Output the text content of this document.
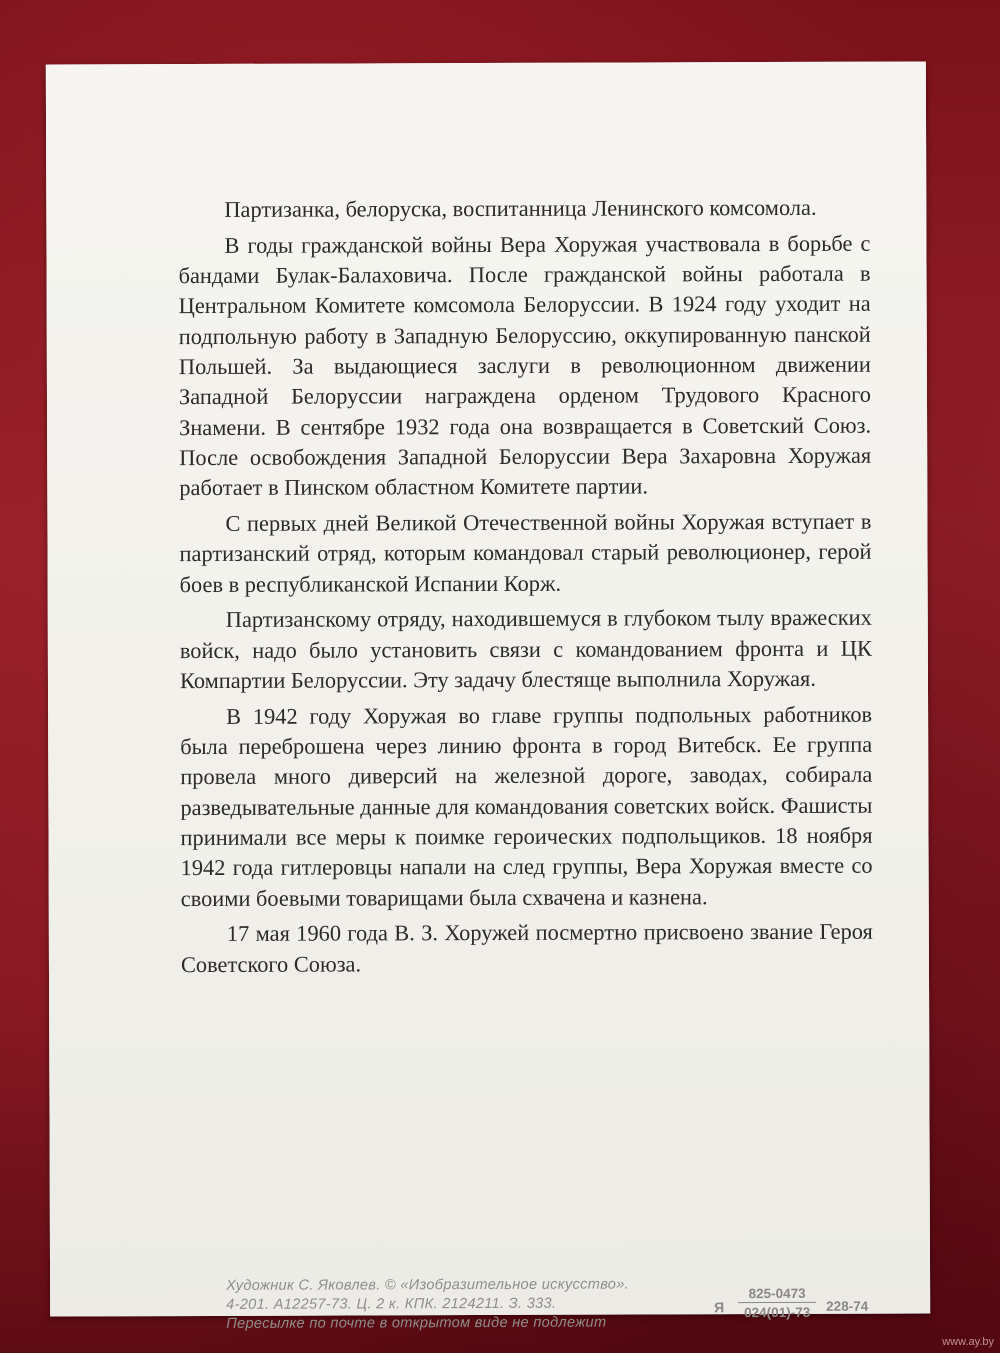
Партизанка, белоруска, воспитанница Ленинского комсомола.

В годы гражданской войны Вера Хоружая участвовала в борьбе с бандами Булак-Балаховича. После гражданской войны работала в Центральном Комитете комсомола Белоруссии. В 1924 году уходит на подпольную работу в Западную Белоруссию, оккупированную панской Польшей. За выдающиеся заслуги в революционном движении Западной Белоруссии награждена орденом Трудового Красного Знамени. В сентябре 1932 года она возвращается в Советский Союз. После освобождения Западной Белоруссии Вера Захаровна Хоружая работает в Пинском областном Комитете партии.

С первых дней Великой Отечественной войны Хоружая вступает в партизанский отряд, которым командовал старый революционер, герой боев в республиканской Испании Корж.

Партизанскому отряду, находившемуся в глубоком тылу вражеских войск, надо было установить связи с командованием фронта и ЦК Компартии Белоруссии. Эту задачу блестяще выполнила Хоружая.

В 1942 году Хоружая во главе группы подпольных работников была переброшена через линию фронта в город Витебск. Ее группа провела много диверсий на железной дороге, заводах, собирала разведывательные данные для командования советских войск. Фашисты принимали все меры к поимке героических подпольщиков. 18 ноября 1942 года гитлеровцы напали на след группы, Вера Хоружая вместе со своими боевыми товарищами была схвачена и казнена.

17 мая 1960 года В. З. Хоружей посмертно присвоено звание Героя Советского Союза.

Художник С. Яковлев. © «Изобразительное искусство».
4-201. А12257-73. Ц. 2 к. КПК. 2124211. З. 333.
Пересылке по почте в открытом виде не подлежит
Я $\frac{825-0473}{024(01)-73} 228-74$
www.ay.by
